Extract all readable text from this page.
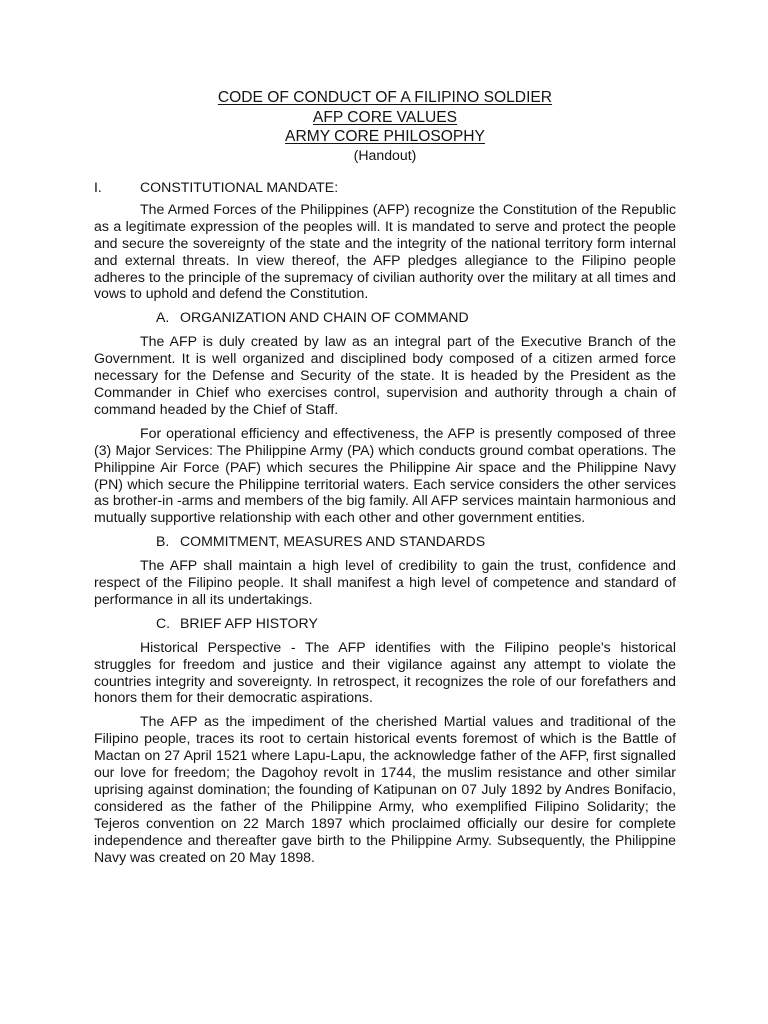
CODE OF CONDUCT OF A FILIPINO SOLDIER
AFP CORE VALUES
ARMY CORE PHILOSOPHY
(Handout)
I.	CONSTITUTIONAL MANDATE:

The Armed Forces of the Philippines (AFP) recognize the Constitution of the Republic as a legitimate expression of the peoples will. It is mandated to serve and protect the people and secure the sovereignty of the state and the integrity of the national territory form internal and external threats. In view thereof, the AFP pledges allegiance to the Filipino people adheres to the principle of the supremacy of civilian authority over the military at all times and vows to uphold and defend the Constitution.

A. ORGANIZATION AND CHAIN OF COMMAND

The AFP is duly created by law as an integral part of the Executive Branch of the Government. It is well organized and disciplined body composed of a citizen armed force necessary for the Defense and Security of the state. It is headed by the President as the Commander in Chief who exercises control, supervision and authority through a chain of command headed by the Chief of Staff.

For operational efficiency and effectiveness, the AFP is presently composed of three (3) Major Services: The Philippine Army (PA) which conducts ground combat operations. The Philippine Air Force (PAF) which secures the Philippine Air space and the Philippine Navy (PN) which secure the Philippine territorial waters. Each service considers the other services as brother-in -arms and members of the big family. All AFP services maintain harmonious and mutually supportive relationship with each other and other government entities.

B. COMMITMENT, MEASURES AND STANDARDS

The AFP shall maintain a high level of credibility to gain the trust, confidence and respect of the Filipino people. It shall manifest a high level of competence and standard of performance in all its undertakings.

C. BRIEF AFP HISTORY

Historical Perspective - The AFP identifies with the Filipino people's historical struggles for freedom and justice and their vigilance against any attempt to violate the countries integrity and sovereignty. In retrospect, it recognizes the role of our forefathers and honors them for their democratic aspirations.

The AFP as the impediment of the cherished Martial values and traditional of the Filipino people, traces its root to certain historical events foremost of which is the Battle of Mactan on 27 April 1521 where Lapu-Lapu, the acknowledge father of the AFP, first signalled our love for freedom; the Dagohoy revolt in 1744, the muslim resistance and other similar uprising against domination; the founding of Katipunan on 07 July 1892 by Andres Bonifacio, considered as the father of the Philippine Army, who exemplified Filipino Solidarity; the Tejeros convention on 22 March 1897 which proclaimed officially our desire for complete independence and thereafter gave birth to the Philippine Army. Subsequently, the Philippine Navy was created on 20 May 1898.
